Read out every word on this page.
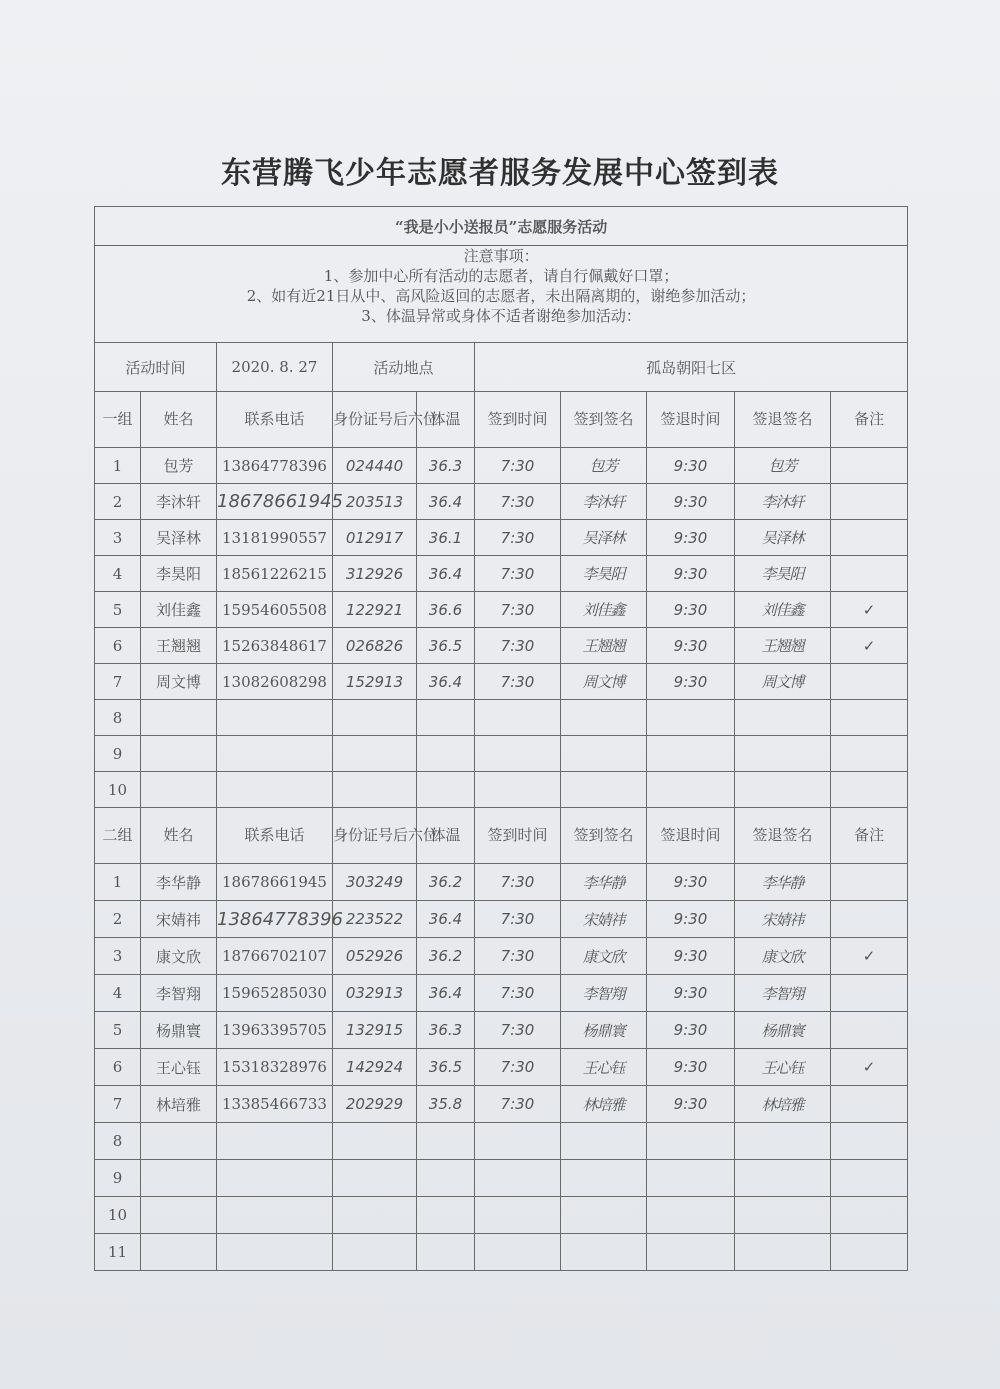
东营腾飞少年志愿者服务发展中心签到表
“我是小小送报员”志愿服务活动									

注意事项：
1、参加中心所有活动的志愿者，请自行佩戴好口罩；
2、如有近21日从中、高风险返回的志愿者，未出隔离期的，谢绝参加活动；
3、体温异常或身体不适者谢绝参加活动：									

活动时间		2020. 8. 27	活动地点		孤岛朝阳七区				
一组	姓名	联系电话	身份证号后六位	体温	签到时间	签到签名	签退时间	签退签名	备注
1	包芳	13864778396	024440	36.3	7:30	包芳	9:30	包芳	
2	李沐轩	18678661945	203513	36.4	7:30	李沐轩	9:30	李沐轩	
3	吴泽林	13181990557	012917	36.1	7:30	吴泽林	9:30	吴泽林	
4	李昊阳	18561226215	312926	36.4	7:30	李昊阳	9:30	李昊阳	
5	刘佳鑫	15954605508	122921	36.6	7:30	刘佳鑫	9:30	刘佳鑫	✓
6	王翘翘	15263848617	026826	36.5	7:30	王翘翘	9:30	王翘翘	✓
7	周文博	13082608298	152913	36.4	7:30	周文博	9:30	周文博	
8									
9									
10									
二组	姓名	联系电话	身份证号后六位	体温	签到时间	签到签名	签退时间	签退签名	备注
1	李华静	18678661945	303249	36.2	7:30	李华静	9:30	李华静	
2	宋婧祎	13864778396	223522	36.4	7:30	宋婧祎	9:30	宋婧祎	
3	康文欣	18766702107	052926	36.2	7:30	康文欣	9:30	康文欣	✓
4	李智翔	15965285030	032913	36.4	7:30	李智翔	9:30	李智翔	
5	杨鼎寰	13963395705	132915	36.3	7:30	杨鼎寰	9:30	杨鼎寰	
6	王心钰	15318328976	142924	36.5	7:30	王心钰	9:30	王心钰	✓
7	林培雅	13385466733	202929	35.8	7:30	林培雅	9:30	林培雅	
8									
9									
10									
11									
